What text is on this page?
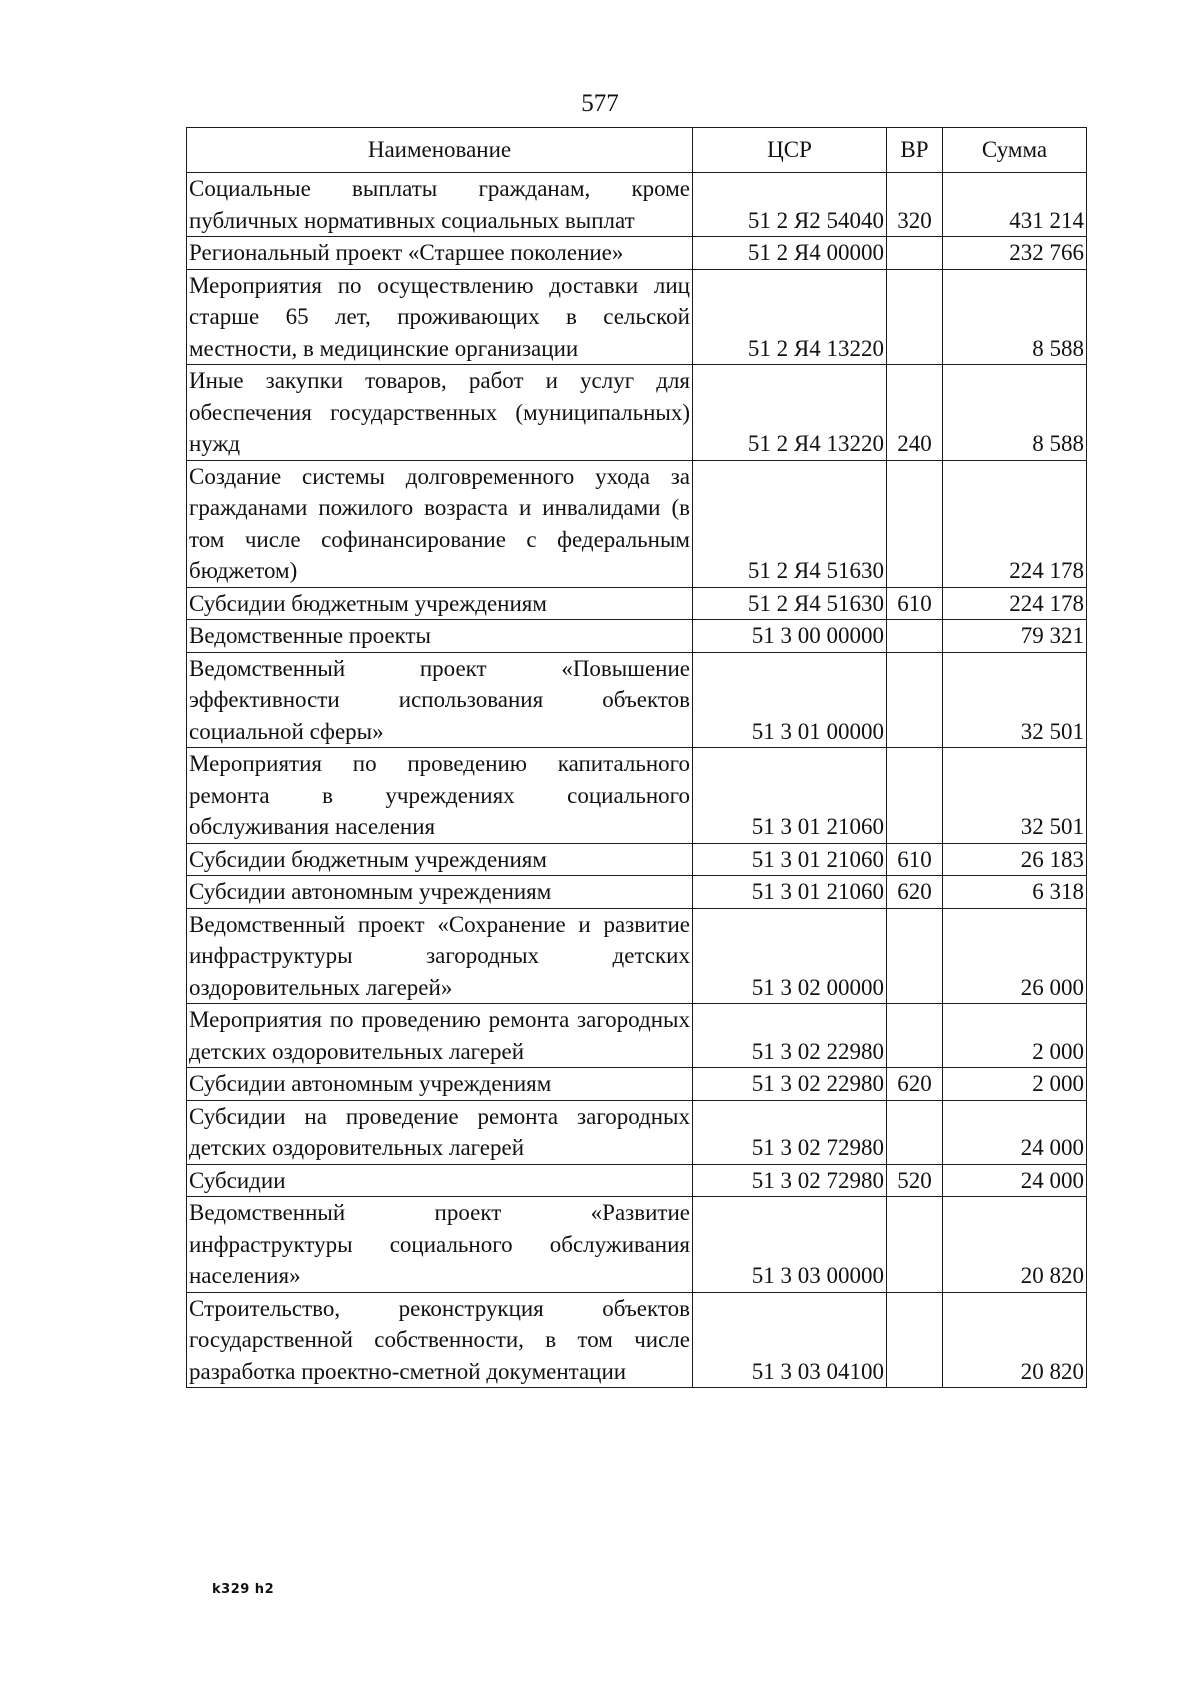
577
Наименование	ЦСР	ВР	Сумма
Социальные выплаты гражданам, кроме публичных нормативных социальных выплат	51 2 Я2 54040	320	431 214
Региональный проект «Старшее поколение»	51 2 Я4 00000		232 766
Мероприятия по осуществлению доставки лиц старше 65 лет, проживающих в сельской местности, в медицинские организации	51 2 Я4 13220		8 588
Иные закупки товаров, работ и услуг для обеспечения государственных (муниципальных) нужд	51 2 Я4 13220	240	8 588
Создание системы долговременного ухода за гражданами пожилого возраста и инвалидами (в том числе софинансирование с федеральным бюджетом)	51 2 Я4 51630		224 178
Субсидии бюджетным учреждениям	51 2 Я4 51630	610	224 178
Ведомственные проекты	51 3 00 00000		79 321
Ведомственный проект «Повышение эффективности использования объектов социальной сферы»	51 3 01 00000		32 501
Мероприятия по проведению капитального ремонта в учреждениях социального обслуживания населения	51 3 01 21060		32 501
Субсидии бюджетным учреждениям	51 3 01 21060	610	26 183
Субсидии автономным учреждениям	51 3 01 21060	620	6 318
Ведомственный проект «Сохранение и развитие инфраструктуры загородных детских оздоровительных лагерей»	51 3 02 00000		26 000
Мероприятия по проведению ремонта загородных детских оздоровительных лагерей	51 3 02 22980		2 000
Субсидии автономным учреждениям	51 3 02 22980	620	2 000
Субсидии на проведение ремонта загородных детских оздоровительных лагерей	51 3 02 72980		24 000
Субсидии	51 3 02 72980	520	24 000
Ведомственный проект «Развитие инфраструктуры социального обслуживания населения»	51 3 03 00000		20 820
Строительство, реконструкция объектов государственной собственности, в том числе разработка проектно-сметной документации	51 3 03 04100		20 820
k329 h2
